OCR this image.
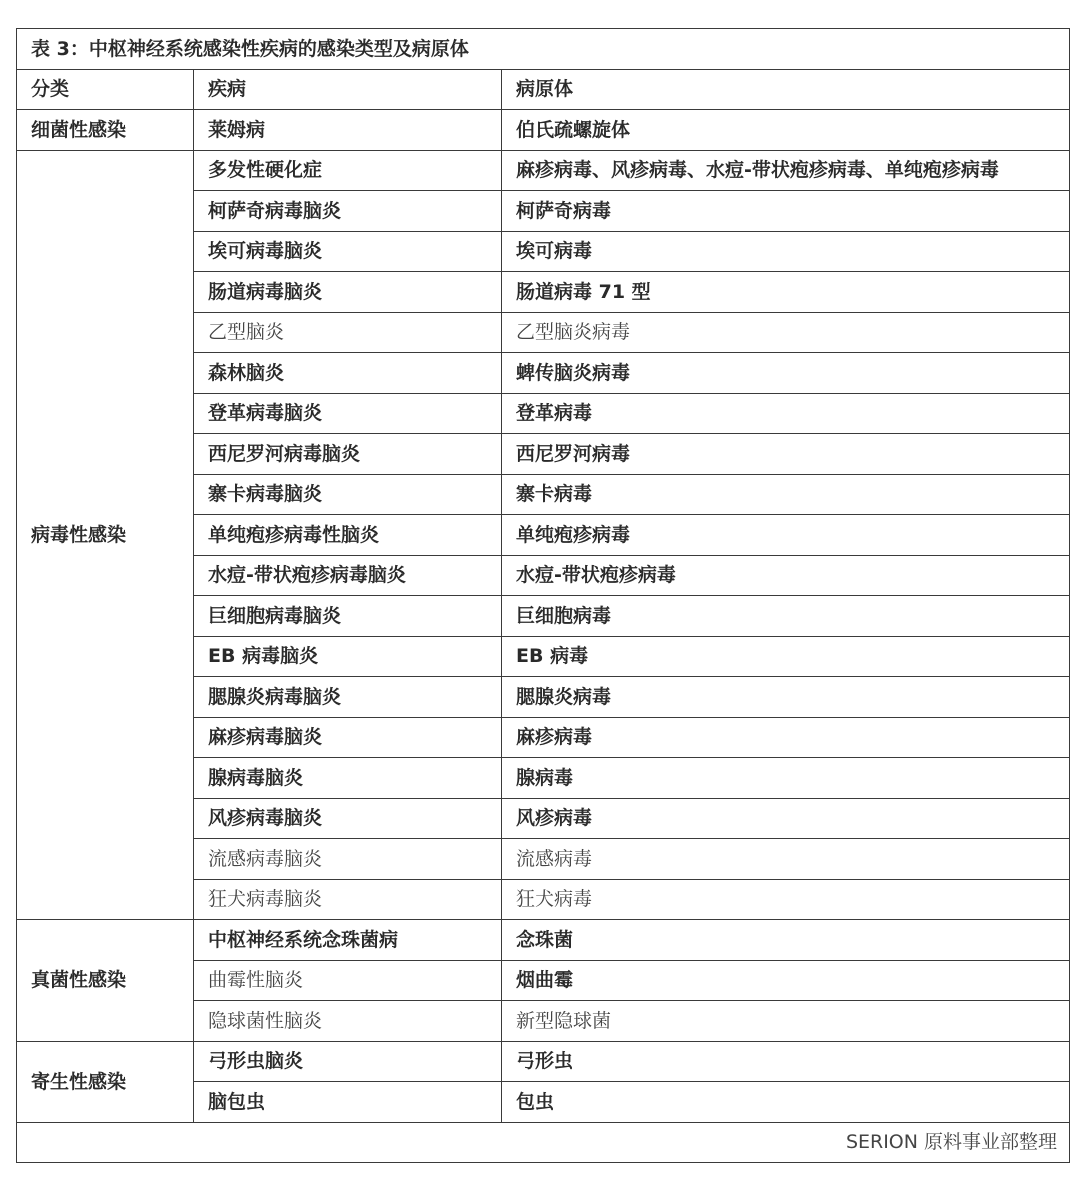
表 3：中枢神经系统感染性疾病的感染类型及病原体		
分类	疾病	病原体
细菌性感染	莱姆病	伯氏疏螺旋体
病毒性感染	多发性硬化症	麻疹病毒、风疹病毒、水痘-带状疱疹病毒、单纯疱疹病毒
	柯萨奇病毒脑炎	柯萨奇病毒
	埃可病毒脑炎	埃可病毒
	肠道病毒脑炎	肠道病毒 71 型
	乙型脑炎	乙型脑炎病毒
	森林脑炎	蜱传脑炎病毒
	登革病毒脑炎	登革病毒
	西尼罗河病毒脑炎	西尼罗河病毒
	寨卡病毒脑炎	寨卡病毒
	单纯疱疹病毒性脑炎	单纯疱疹病毒
	水痘-带状疱疹病毒脑炎	水痘-带状疱疹病毒
	巨细胞病毒脑炎	巨细胞病毒
	EB 病毒脑炎	EB 病毒
	腮腺炎病毒脑炎	腮腺炎病毒
	麻疹病毒脑炎	麻疹病毒
	腺病毒脑炎	腺病毒
	风疹病毒脑炎	风疹病毒
	流感病毒脑炎	流感病毒
	狂犬病毒脑炎	狂犬病毒
真菌性感染	中枢神经系统念珠菌病	念珠菌
	曲霉性脑炎	烟曲霉
	隐球菌性脑炎	新型隐球菌
寄生性感染	弓形虫脑炎	弓形虫
	脑包虫	包虫
SERION 原料事业部整理		
